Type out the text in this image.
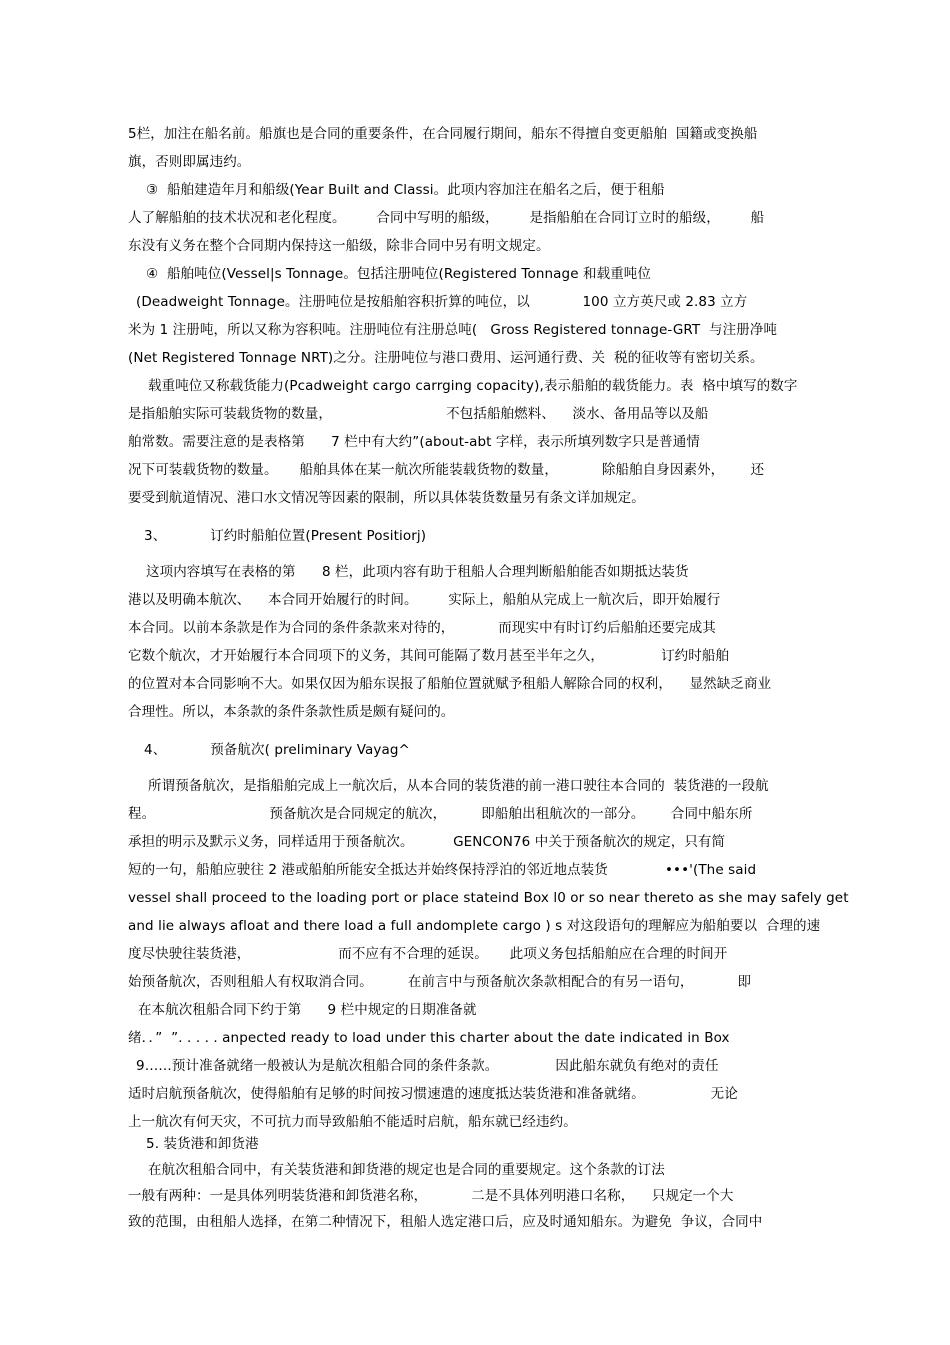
5栏，加注在船名前。船旗也是合同的重要条件，在合同履行期间，船东不得擅自变更船舶  国籍或变换船
旗，否则即属违约。
③  船舶建造年月和船级(Year Built and Classi。此项内容加注在船名之后，便于租船
人了解船舶的技术状况和老化程度。       合同中写明的船级，       是指船舶在合同订立时的船级，       船
东没有义务在整个合同期内保持这一船级，除非合同中另有明文规定。
④  船舶吨位(Vessel|s Tonnage。包括注册吨位(Registered Tonnage 和载重吨位
(Deadweight Tonnage。注册吨位是按船舶容积折算的吨位，以            100 立方英尺或 2.83 立方
米为 1 注册吨，所以又称为容积吨。注册吨位有注册总吨(   Gross Registered tonnage-GRT  与注册净吨
(Net Registered Tonnage NRT)之分。注册吨位与港口费用、运河通行费、关  税的征收等有密切关系。
载重吨位又称载货能力(Pcadweight cargo carrging copacity),表示船舶的载货能力。表  格中填写的数字
是指船舶实际可装载货物的数量，                          不包括船舶燃料、    淡水、备用品等以及船
舶常数。需要注意的是表格第      7 栏中有大约”(about-abt 字样，表示所填列数字只是普通情
况下可装载货物的数量。     船舶具体在某一航次所能装载货物的数量，          除船舶自身因素外，      还
要受到航道情况、港口水文情况等因素的限制，所以具体装货数量另有条文详加规定。
3、          订约时船舶位置(Present Positiorj)
这项内容填写在表格的第      8 栏，此项内容有助于租船人合理判断船舶能否如期抵达装货
港以及明确本航次、    本合同开始履行的时间。       实际上，船舶从完成上一航次后，即开始履行
本合同。以前本条款是作为合同的条件条款来对待的，          而现实中有时订约后船舶还要完成其
它数个航次，才开始履行本合同项下的义务，其间可能隔了数月甚至半年之久，             订约时船舶
的位置对本合同影响不大。如果仅因为船东误报了船舶位置就赋予租船人解除合同的权利，    显然缺乏商业
合理性。所以，本条款的条件条款性质是颇有疑问的。
4、          预备航次( preliminary Vayag^
所谓预备航次，是指船舶完成上一航次后，从本合同的装货港的前一港口驶往本合同的  装货港的一段航
程。                          预备航次是合同规定的航次，        即船舶出租航次的一部分。      合同中船东所
承担的明示及默示义务，同样适用于预备航次。         GENCON76 中关于预备航次的规定，只有简
短的一句，船舶应驶往 2 港或船舶所能安全抵达并始终保持浮泊的邻近地点装货             •••'(The said
vessel shall proceed to the loading port or place stateind Box l0 or so near thereto as she may safely get
and lie always afloat and there load a full andomplete cargo ) s 对这段语句的理解应为船舶要以  合理的速
度尽快驶往装货港，                    而不应有不合理的延误。     此项义务包括船舶应在合理的时间开
始预备航次，否则租船人有权取消合同。        在前言中与预备航次条款相配合的有另一语句，          即
在本航次租船合同下约于第      9 栏中规定的日期准备就
绪．．”  ”. . . . . anpected ready to load under this charter about the date indicated in Box
9……预计准备就绪一般被认为是航次租船合同的条件条款。             因此船东就负有绝对的责任
适时启航预备航次，使得船舶有足够的时间按习惯速遣的速度抵达装货港和准备就绪。               无论
上一航次有何天灾，不可抗力而导致船舶不能适时启航，船东就已经违约。
5. 装货港和卸货港
在航次租船合同中，有关装货港和卸货港的规定也是合同的重要规定。这个条款的订法
一般有两种：一是具体列明装货港和卸货港名称，          二是不具体列明港口名称，    只规定一个大
致的范围，由租船人选择，在第二种情况下，租船人选定港口后，应及时通知船东。为避免  争议，合同中
